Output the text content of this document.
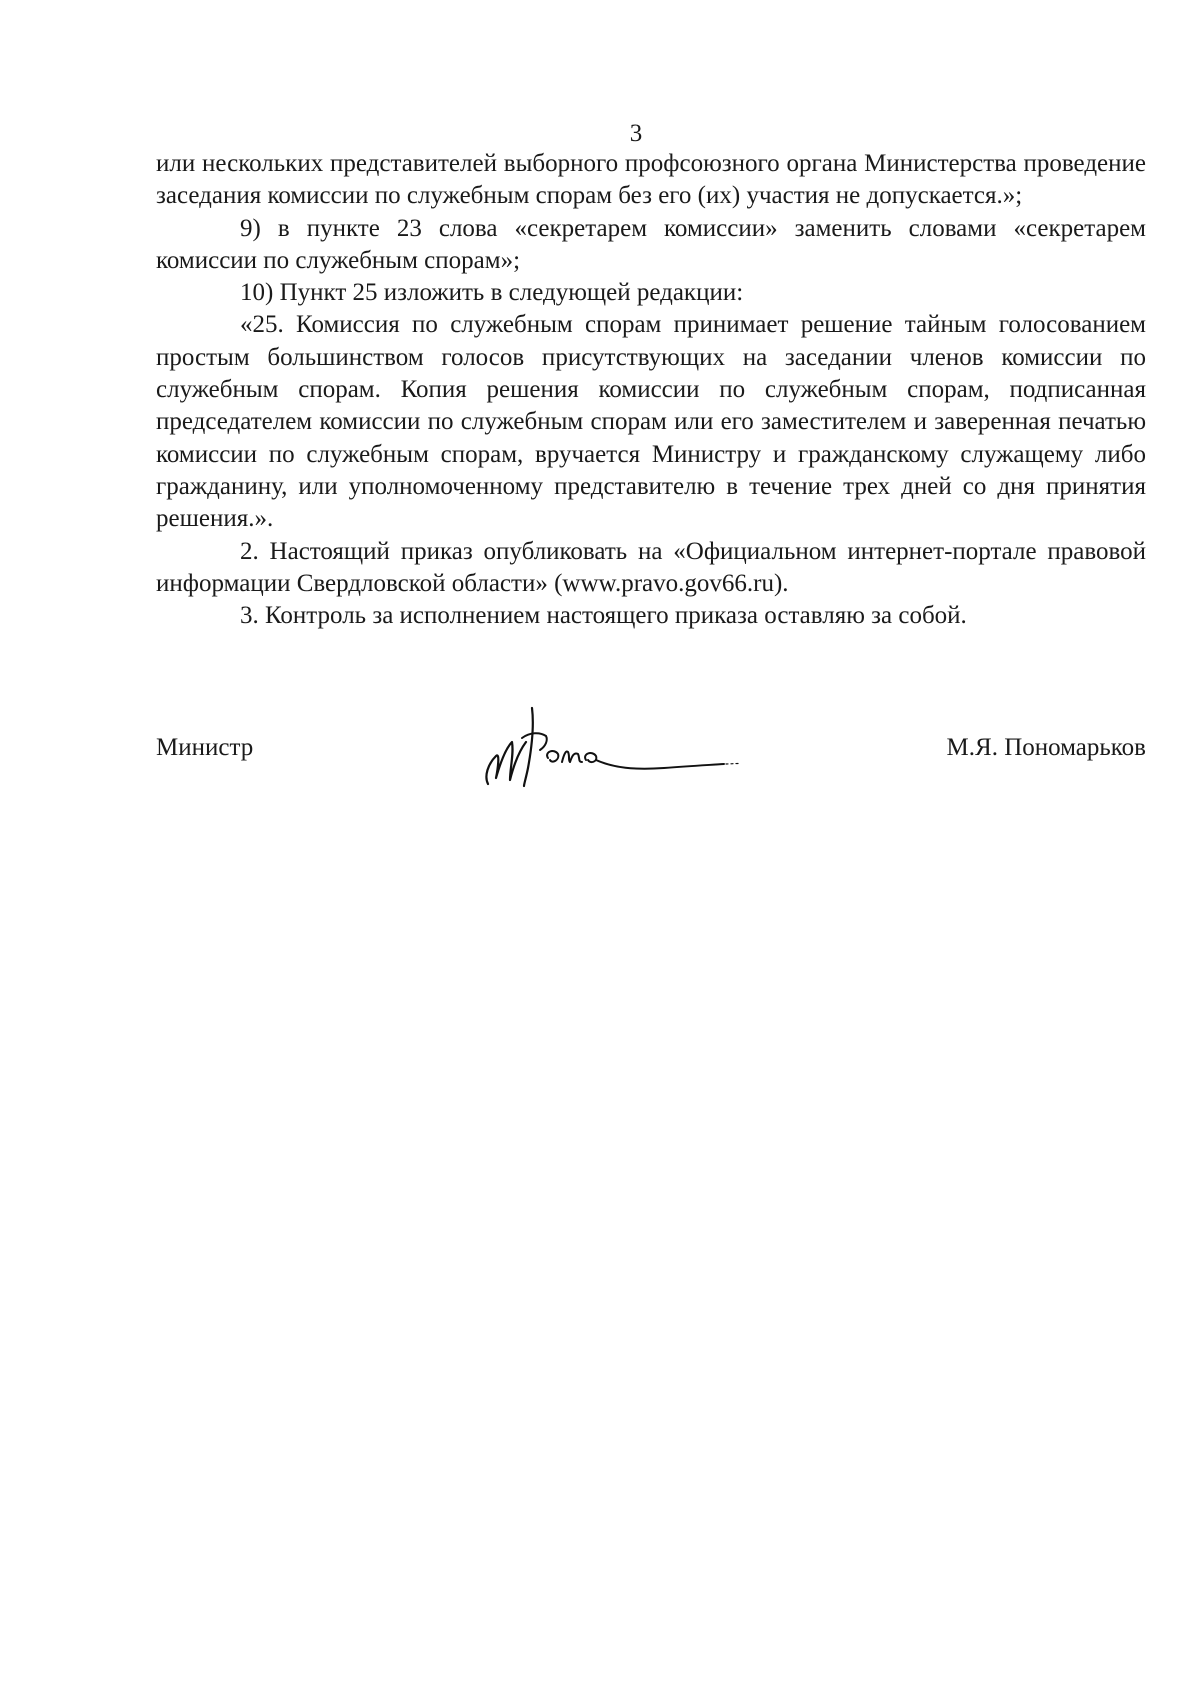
3

или нескольких представителей выборного профсоюзного органа Министерства проведение заседания комиссии по служебным спорам без его (их) участия не допускается.»;

9) в пункте 23 слова «секретарем комиссии» заменить словами «секретарем комиссии по служебным спорам»;

10) Пункт 25 изложить в следующей редакции:

«25. Комиссия по служебным спорам принимает решение тайным голосованием простым большинством голосов присутствующих на заседании членов комиссии по служебным спорам. Копия решения комиссии по служебным спорам, подписанная председателем комиссии по служебным спорам или его заместителем и заверенная печатью комиссии по служебным спорам, вручается Министру и гражданскому служащему либо гражданину, или уполномоченному представителю в течение трех дней со дня принятия решения.».

2. Настоящий приказ опубликовать на «Официальном интернет-портале правовой информации Свердловской области» (www.pravo.gov66.ru).

3. Контроль за исполнением настоящего приказа оставляю за собой.

Министр	М.Я. Пономарьков
